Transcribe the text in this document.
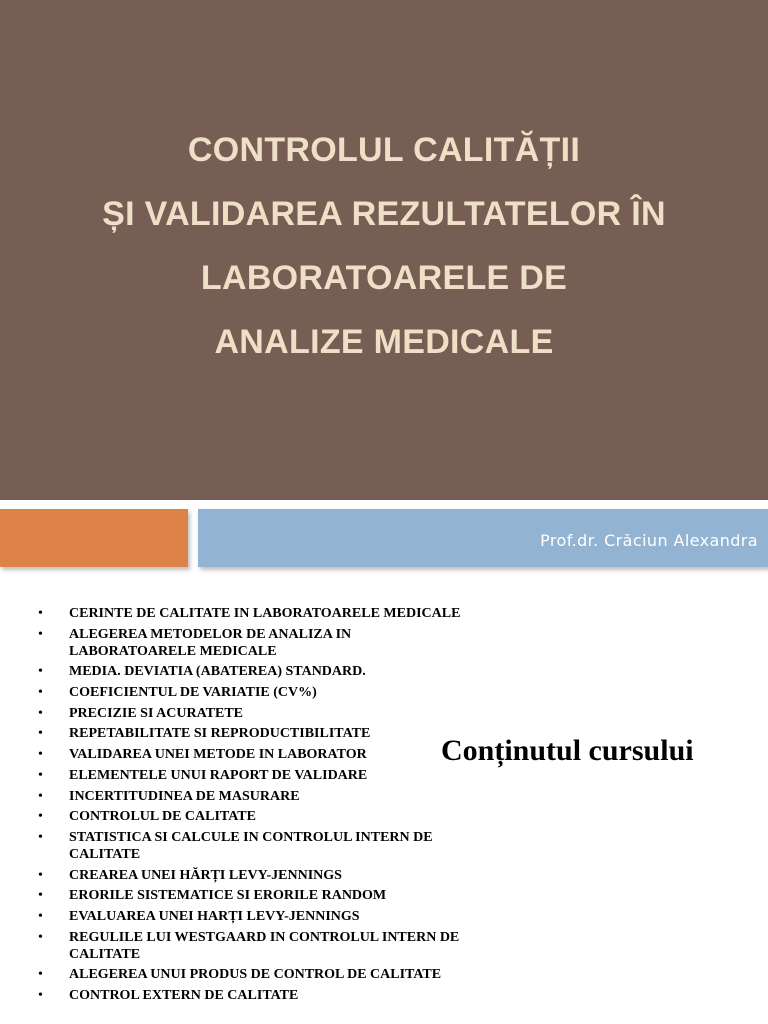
CONTROLUL CALITĂȚII
ȘI VALIDAREA REZULTATELOR ÎN
LABORATOARELE DE
ANALIZE MEDICALE
Prof.dr. Crăciun Alexandra
• CERINTE DE CALITATE IN LABORATOARELE MEDICALE
• ALEGEREA METODELOR DE ANALIZA IN LABORATOARELE MEDICALE
• MEDIA. DEVIATIA (ABATEREA) STANDARD.
• COEFICIENTUL DE VARIATIE (CV%)
• PRECIZIE SI ACURATETE
• REPETABILITATE SI REPRODUCTIBILITATE
• VALIDAREA UNEI METODE IN LABORATOR
• ELEMENTELE UNUI RAPORT DE VALIDARE
• INCERTITUDINEA DE MASURARE
• CONTROLUL DE CALITATE
• STATISTICA SI CALCULE IN CONTROLUL INTERN DE CALITATE
• CREAREA UNEI HĂRȚI LEVY-JENNINGS
• ERORILE SISTEMATICE SI ERORILE RANDOM
• EVALUAREA UNEI HARȚI LEVY-JENNINGS
• REGULILE LUI WESTGAARD IN CONTROLUL INTERN DE CALITATE
• ALEGEREA UNUI PRODUS DE CONTROL DE CALITATE
• CONTROL EXTERN DE CALITATE
Conținutul cursului
